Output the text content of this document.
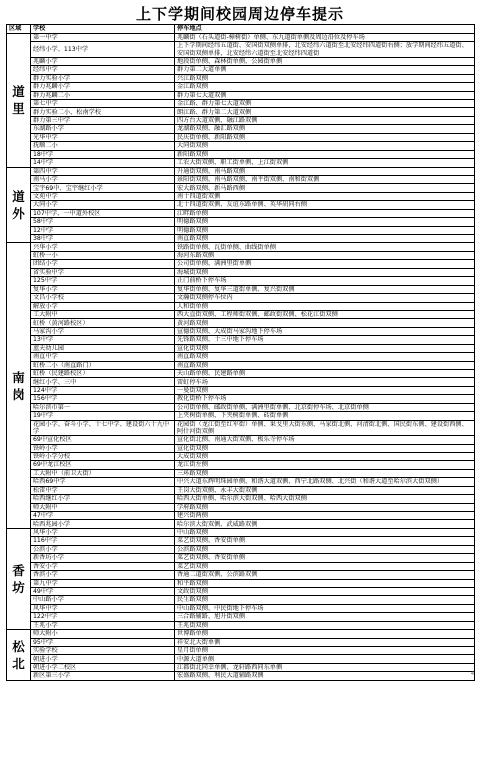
上下学期间校园周边停车提示
区域	学校	停车地点

道
里	第一中学	兆麟街（石头道街-樟树街）单侧、东九道街单侧及周边沿位及停车场
	经纬小学、113中学	上下学期间经纬五道街、安国街双侧单排，北安经纬六道街至北安经纬四道街右侧；放学期间经纬五道街、安国街双侧单排，北安经纬六道街至北安经纬四道街
	兆麟小学	地段街单侧、森林街单侧、公园街单侧
	经纬中学	群力第二大道单侧
	群力实验小学	兴江路双侧
	群力兆麟小学	金江路双侧
	群力兆麟二小	群力第七大道双侧
	第七中学	金江路、群力第七大道双侧
	群力实验二小、松南学校	朗江路、群力第二大道双侧
	群力第三中学	四方台大道双侧、融江路双侧
	东湖路小学	龙湖路双侧、融汇路双侧
	光华中学	民庆街单侧、新阳路双侧
	抚顺二小	大同街双侧
	18中学	新阳路双侧
	14中学	工农大街双侧、职工街单侧、上江街双侧

道
外	第四中学	升通街双侧、南马路双侧
	南马小学	景阳街双侧、南马路双侧、南平街双侧、南和街双侧
	宝宇69中、宝宇继红小学	宏大路双侧、新马路西侧
	文苑中学	南十四道街双侧
	大同小学	北十四道街双侧、友谊东路单侧、英华胡同右侧
	107中学、一中道外校区	江畔路单侧
	58中学	明德路双侧
	12中学	明德路双侧
	38中学	南直路双侧

南
岗	兴华小学	铁路街单侧、瓦街单侧、曲线街单侧
	虹桥一小	海河东路双侧
	团结小学	公司街单侧、满洲里街单侧
	省实验中学	海城街双侧
	125中学	正门前桥下停车场
	复华小学	复华街单侧、复华三道街单侧、复兴街双侧
	文昌小学校	文瀚街双侧停车位内
	解放小学	人和街单侧
	工大附中	西大直街双侧、工程师街双侧、邮政街双侧、松花江街双侧
	虹桥（黄河路校区）	黄河路双侧
	马家沟小学	宣德街双侧、大成街马家沟地下停车场
	13中学	先锋路双侧、十三中地下停车场
	蓝天幼儿园	宣化街双侧
	南直中学	南直路双侧
	虹桥二小（南直路门）	南直路双侧
	虹桥（民建路校区）	天山路单侧、民建路单侧
	继红小学、三中	雷虹停车场
	124中学	一曼街双侧
	156中学	教化街桥下停车场
	哈尔滨市第一	公司街单侧、邮政街单侧、满洲里街单侧、北京街停车场、北京街单侧
	19中学	上夹树街单侧、下夹树街单侧、砖街单侧
	花园小学、奋斗小学、十七中学、建设街六十九中学	花园街（龙江街至红军街）单侧、果戈里大街东侧、马家街北侧、河清街北侧、国民街东侧、建设街西侧、阿什河街双侧
	69中宣化校区	宣化街北侧、南通大街双侧、极乐寺停车场
	铁岭小学	宣化街双侧
	铁岭小学分校	大成街双侧
	69中龙江校区	龙江街左侧
	工大附中（前卫大街）	三环路双侧
	哈西69中学	中兴大道东辉明珠园单侧、和谐大道双侧、西宁北路双侧、北兴街（和谐大道至哈尔滨大街双侧）
	松雷中学	王岗大街双侧、永丰大街双侧
	哈西继红小学	哈西大街单侧、哈尔滨大街双侧、哈西大街双侧
	师大附中	学府路双侧
	47中学	建兴街两侧
	哈西兆园小学	哈尔滨大街双侧、武威路双侧

香
坊	风华小学	中山路双侧
	116中学	菜艺街双侧、香安街单侧
	公滨小学	公滨路双侧
	新香坊小学	菜艺街双侧、香安街单侧
	香安小学	菜艺街双侧
	香滨小学	香通二道街双侧、公滨路双侧
	第九中学	和平路双侧
	49中学	文政街双侧
	中山路小学	民生路双侧
	风华中学	中山路双侧、中民街地下停车场
	122中学	三合路辅路、旭升街双侧
	王兆小学	王兆街双侧

松
北	师大附小	世博路单侧
	95中学	祥安北大街单侧
	实验学校	星月街单侧
	朝进小学	中源大道单侧
	朝进小学二校区	江都街北同幸单侧、龙轩路西同东单侧
	新区第三小学	宏盛路双侧、利民大道辅路双侧	4
